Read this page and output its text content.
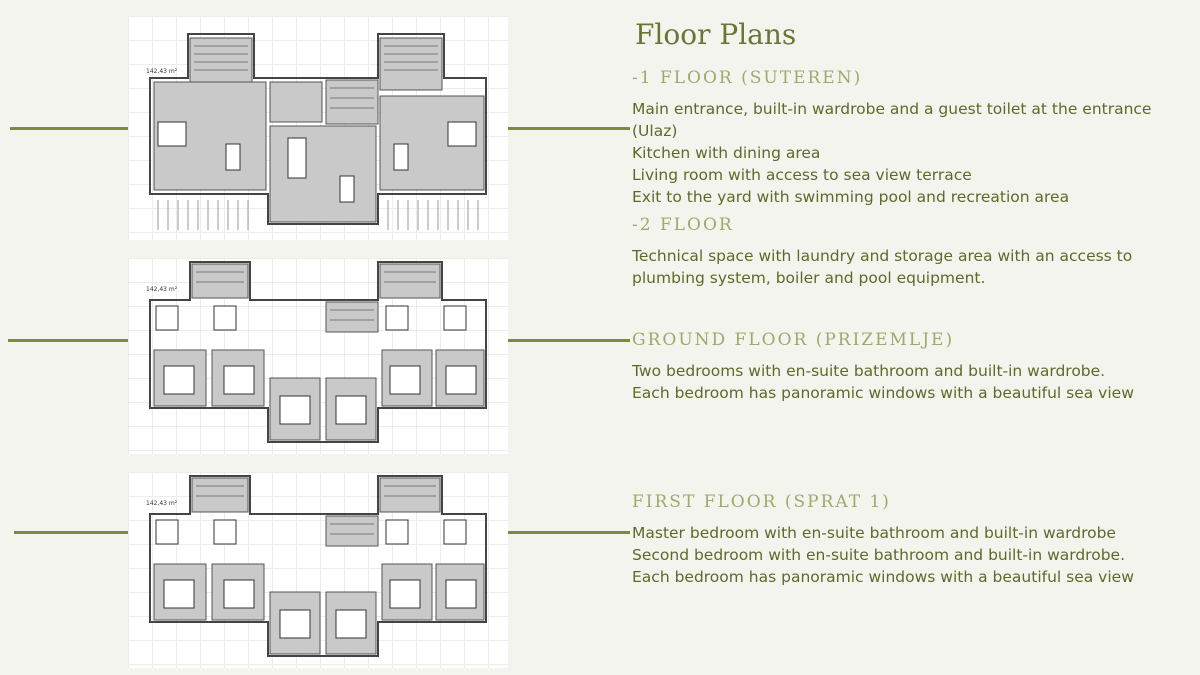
142,43 m²
142,43 m²
142,43 m²
Floor Plans
-1 FLOOR (SUTEREN)
Main entrance, built-in wardrobe and a guest toilet at the entrance (Ulaz)
Kitchen with dining area
Living room with access to sea view terrace
Exit to the yard with swimming pool and recreation area
-2 FLOOR
Technical space with laundry and storage area with an access to plumbing system, boiler and pool equipment.
GROUND FLOOR (PRIZEMLJE)
Two bedrooms with en-suite bathroom and built-in wardrobe.
Each bedroom has panoramic windows with a beautiful sea view
FIRST FLOOR (SPRAT 1)
Master bedroom with en-suite bathroom and built-in wardrobe
Second bedroom with en-suite bathroom and built-in wardrobe.
Each bedroom has panoramic windows with a beautiful sea view
